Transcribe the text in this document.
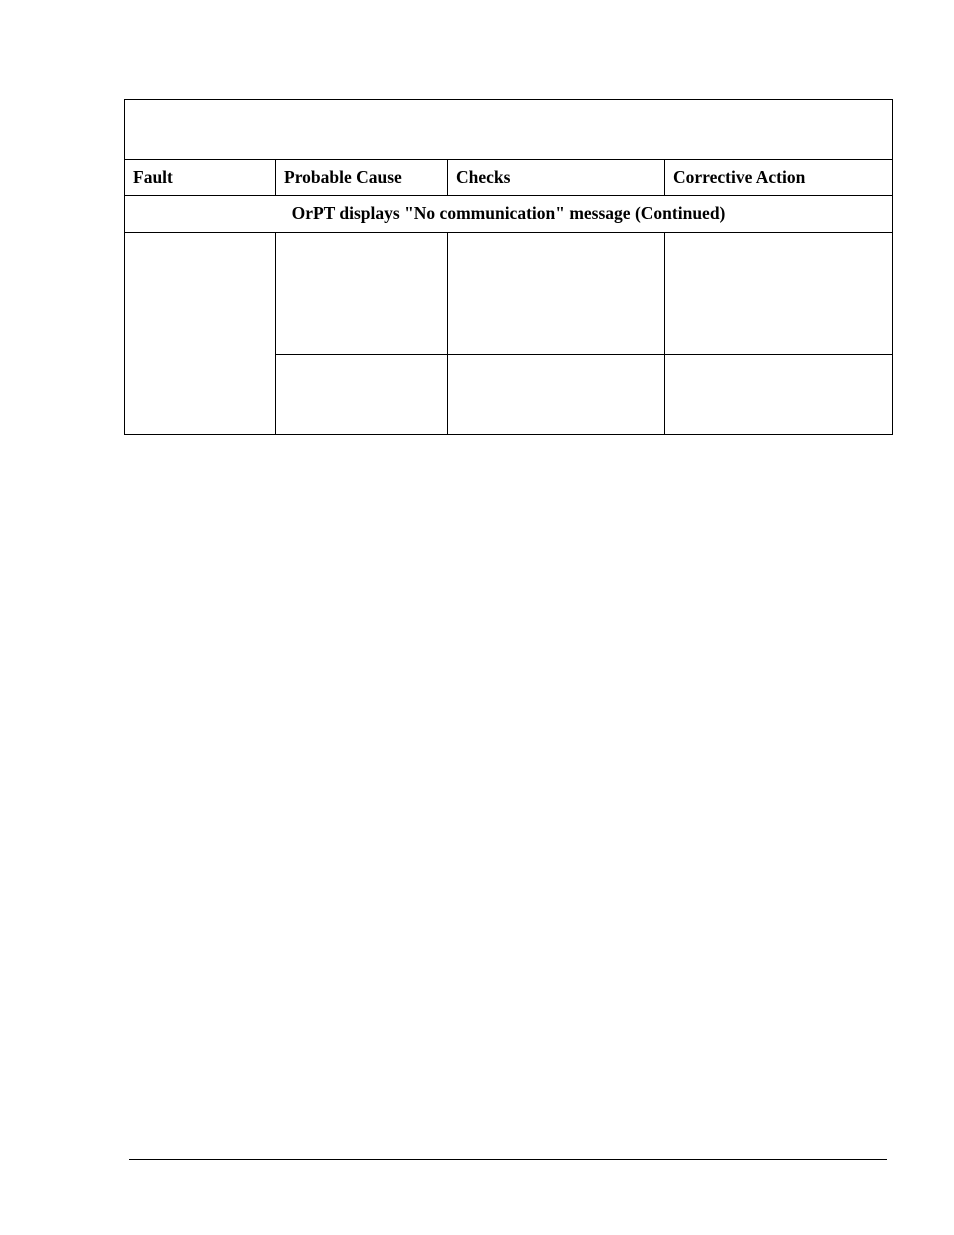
Fault	Probable Cause	Checks	Corrective Action
OrPT displays "No communication" message (Continued)			
